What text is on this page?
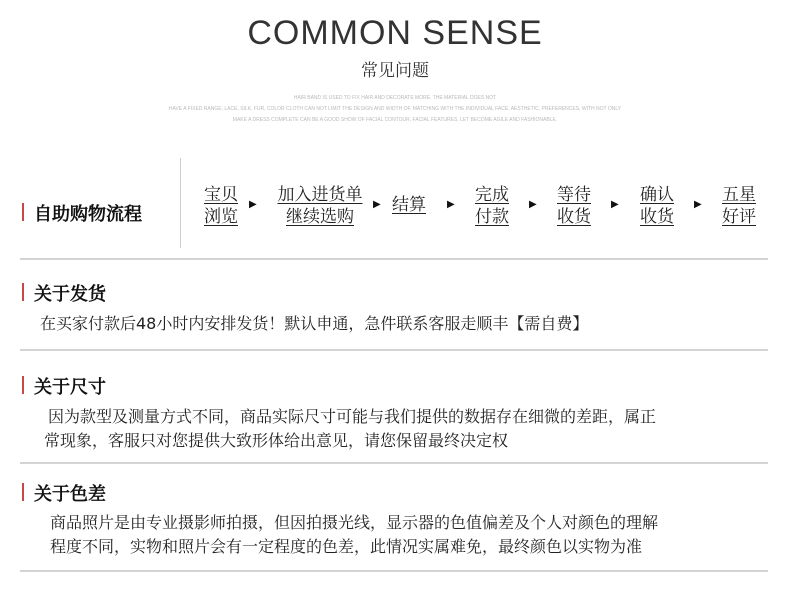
COMMON SENSE
常见问题
HAIR BAND IS USED TO FIX HAIR AND DECORATE MORE. THE MATERIAL DOES NOT
HAVE A FIXED RANGE, LACE, SILK, FUR, COLOR CLOTH CAN NOT LIMIT THE DESIGN AND WIDTH OF. MATCHING WITH THE INDIVIDUAL FACE, AESTHETIC, PREFERENCES, WITH NOT ONLY
MAKE A DRESS COMPLETE CAN BE A GOOD SHOW OF FACIAL CONTOUR, FACIAL FEATURES, LET BECOME AGILE AND FASHIONABLE.
自助购物流程
宝贝
浏览
▶ 加入进货单
继续选购
▶ 结算	▶ 完成
付款
▶ 等待
收货
▶ 确认
收货
▶ 五星
好评
关于发货
在买家付款后48小时内安排发货！默认申通，急件联系客服走顺丰【需自费】
关于尺寸
因为款型及测量方式不同，商品实际尺寸可能与我们提供的数据存在细微的差距，属正
常现象，客服只对您提供大致形体给出意见，请您保留最终决定权
关于色差
商品照片是由专业摄影师拍摄，但因拍摄光线，显示器的色值偏差及个人对颜色的理解
程度不同，实物和照片会有一定程度的色差，此情况实属难免，最终颜色以实物为准
